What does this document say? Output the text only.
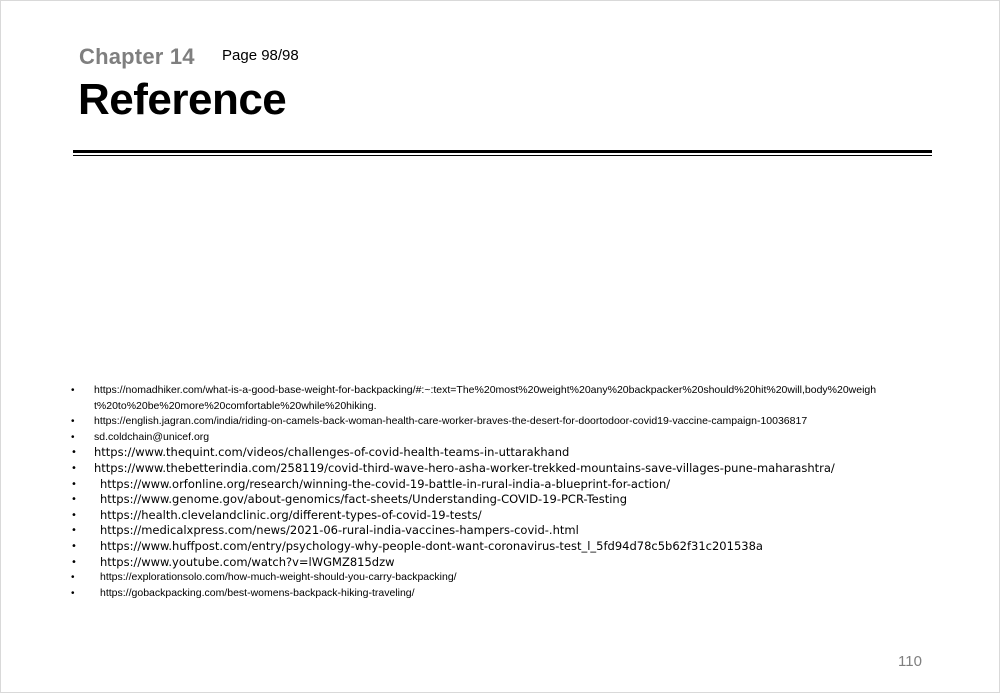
Chapter 14 Page 98/98
Reference
• https://nomadhiker.com/what-is-a-good-base-weight-for-backpacking/#:~:text=The%20most%20weight%20any%20backpacker%20should%20hit%20will,body%20weight%20to%20be%20more%20comfortable%20while%20hiking.
• https://english.jagran.com/india/riding-on-camels-back-woman-health-care-worker-braves-the-desert-for-doortodoor-covid19-vaccine-campaign-10036817
• sd.coldchain@unicef.org
• https://www.thequint.com/videos/challenges-of-covid-health-teams-in-uttarakhand
• https://www.thebetterindia.com/258119/covid-third-wave-hero-asha-worker-trekked-mountains-save-villages-pune-maharashtra/
• https://www.orfonline.org/research/winning-the-covid-19-battle-in-rural-india-a-blueprint-for-action/
• https://www.genome.gov/about-genomics/fact-sheets/Understanding-COVID-19-PCR-Testing
• https://health.clevelandclinic.org/different-types-of-covid-19-tests/
• https://medicalxpress.com/news/2021-06-rural-india-vaccines-hampers-covid-.html
• https://www.huffpost.com/entry/psychology-why-people-dont-want-coronavirus-test_l_5fd94d78c5b62f31c201538a
• https://www.youtube.com/watch?v=lWGMZ815dzw
• https://explorationsolo.com/how-much-weight-should-you-carry-backpacking/
• https://gobackpacking.com/best-womens-backpack-hiking-traveling/
110
